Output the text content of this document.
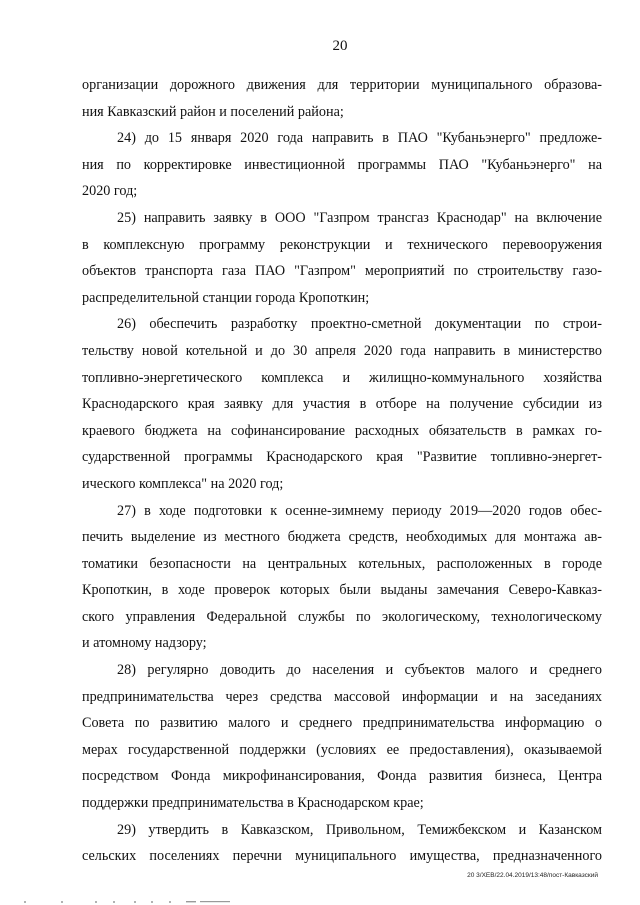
20

организации дорожного движения для территории муниципального образова-
ния Кавказский район и поселений района;

24) до 15 января 2020 года направить в ПАО "Кубаньэнерго" предложе-
ния по корректировке инвестиционной программы ПАО "Кубаньэнерго" на
2020 год;

25) направить заявку в ООО "Газпром трансгаз Краснодар" на включение
в комплексную программу реконструкции и технического перевооружения
объектов транспорта газа ПАО "Газпром" мероприятий по строительству газо-
распределительной станции города Кропоткин;

26) обеспечить разработку проектно-сметной документации по строи-
тельству новой котельной и до 30 апреля 2020 года направить в министерство
топливно-энергетического комплекса и жилищно-коммунального хозяйства
Краснодарского края заявку для участия в отборе на получение субсидии из
краевого бюджета на софинансирование расходных обязательств в рамках го-
сударственной программы Краснодарского края "Развитие топливно-энергет-
ического комплекса" на 2020 год;

27) в ходе подготовки к осенне-зимнему периоду 2019—2020 годов обес-
печить выделение из местного бюджета средств, необходимых для монтажа ав-
томатики безопасности на центральных котельных, расположенных в городе
Кропоткин, в ходе проверок которых были выданы замечания Северо-Кавказ-
ского управления Федеральной службы по экологическому, технологическому
и атомному надзору;

28) регулярно доводить до населения и субъектов малого и среднего
предпринимательства через средства массовой информации и на заседаниях
Совета по развитию малого и среднего предпринимательства информацию о
мерах государственной поддержки (условиях ее предоставления), оказываемой
посредством Фонда микрофинансирования, Фонда развития бизнеса, Центра
поддержки предпринимательства в Краснодарском крае;

29) утвердить в Кавказском, Привольном, Темижбекском и Казанском
сельских поселениях перечни муниципального имущества, предназначенного

20 3/ХЕВ/22.04.2019/13:48/пост-Кавказский
